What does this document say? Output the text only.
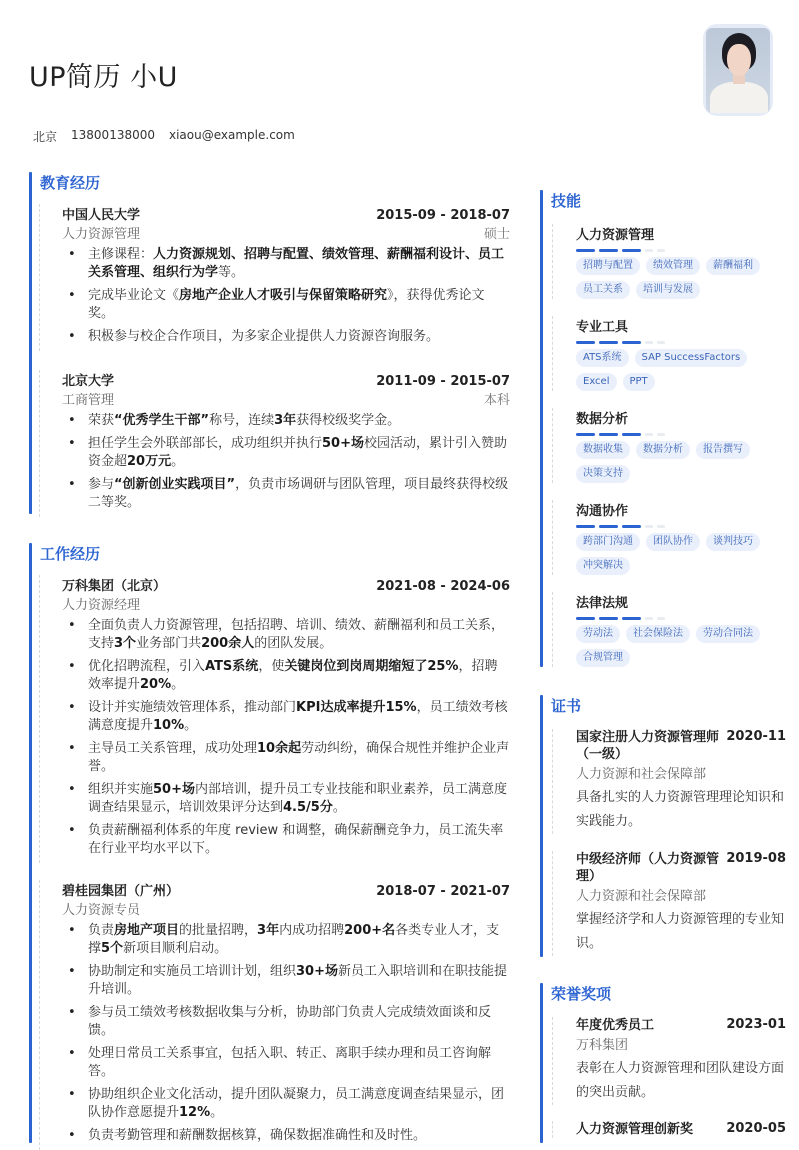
UP简历 小U
北京 13800138000 xiaou@example.com
教育经历
中国人民大学	2015-09 - 2018-07
人力资源管理	硕士
• 主修课程：人力资源规划、招聘与配置、绩效管理、薪酬福利设计、员工关系管理、组织行为学等。
• 完成毕业论文《房地产企业人才吸引与保留策略研究》，获得优秀论文奖。
• 积极参与校企合作项目，为多家企业提供人力资源咨询服务。
北京大学	2011-09 - 2015-07
工商管理	本科
• 荣获“优秀学生干部”称号，连续3年获得校级奖学金。
• 担任学生会外联部部长，成功组织并执行50+场校园活动，累计引入赞助资金超20万元。
• 参与“创新创业实践项目”，负责市场调研与团队管理，项目最终获得校级二等奖。
工作经历
万科集团（北京）	2021-08 - 2024-06
人力资源经理
• 全面负责人力资源管理，包括招聘、培训、绩效、薪酬福利和员工关系，支持3个业务部门共200余人的团队发展。
• 优化招聘流程，引入ATS系统，使关键岗位到岗周期缩短了25%，招聘效率提升20%。
• 设计并实施绩效管理体系，推动部门KPI达成率提升15%，员工绩效考核满意度提升10%。
• 主导员工关系管理，成功处理10余起劳动纠纷，确保合规性并维护企业声誉。
• 组织并实施50+场内部培训，提升员工专业技能和职业素养，员工满意度调查结果显示，培训效果评分达到4.5/5分。
• 负责薪酬福利体系的年度 review 和调整，确保薪酬竞争力，员工流失率在行业平均水平以下。
碧桂园集团（广州）	2018-07 - 2021-07
人力资源专员
• 负责房地产项目的批量招聘，3年内成功招聘200+名各类专业人才，支撑5个新项目顺利启动。
• 协助制定和实施员工培训计划，组织30+场新员工入职培训和在职技能提升培训。
• 参与员工绩效考核数据收集与分析，协助部门负责人完成绩效面谈和反馈。
• 处理日常员工关系事宜，包括入职、转正、离职手续办理和员工咨询解答。
• 协助组织企业文化活动，提升团队凝聚力，员工满意度调查结果显示，团队协作意愿提升12%。
• 负责考勤管理和薪酬数据核算，确保数据准确性和及时性。
技能
人力资源管理
招聘与配置	绩效管理	薪酬福利
员工关系	培训与发展
专业工具
ATS系统	SAP SuccessFactors
Excel	PPT
数据分析
数据收集	数据分析	报告撰写
决策支持
沟通协作
跨部门沟通	团队协作	谈判技巧
冲突解决
法律法规
劳动法	社会保险法	劳动合同法
合规管理
证书
国家注册人力资源管理师（一级）
2020-11
人力资源和社会保障部
具备扎实的人力资源管理理论知识和实践能力。
中级经济师（人力资源管理）
2019-08
人力资源和社会保障部
掌握经济学和人力资源管理的专业知识。
荣誉奖项
年度优秀员工	2023-01
万科集团
表彰在人力资源管理和团队建设方面的突出贡献。
人力资源管理创新奖	2020-05
